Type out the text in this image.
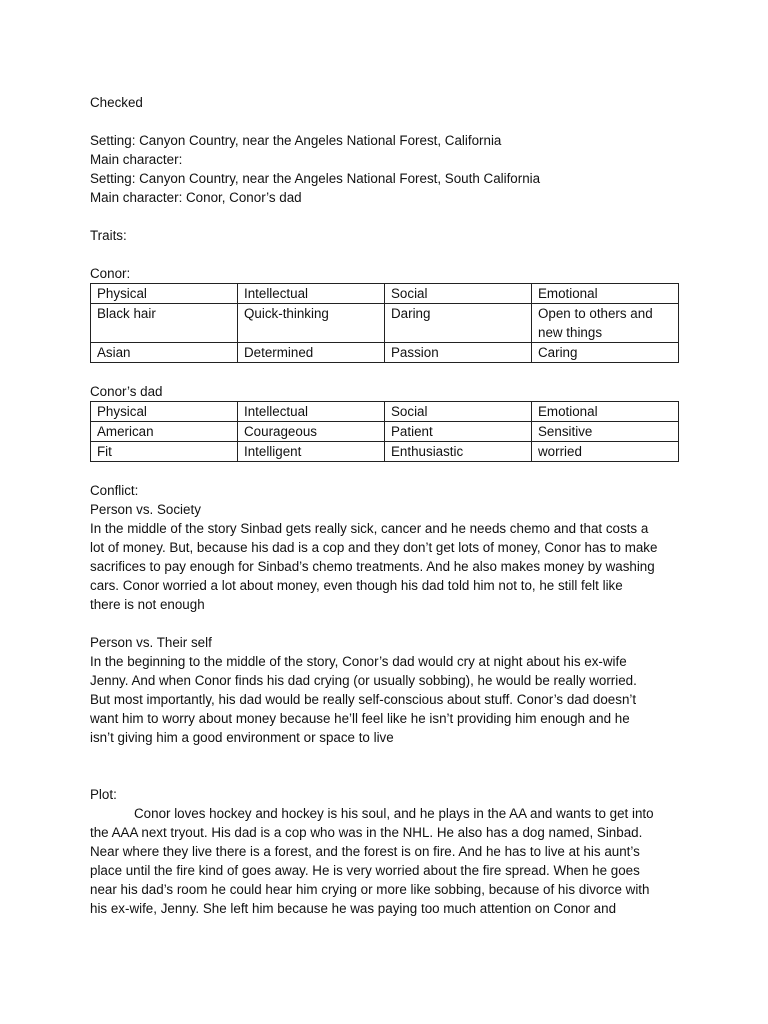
Checked

Setting: Canyon Country, near the Angeles National Forest, California

Main character:

Setting: Canyon Country, near the Angeles National Forest, South California

Main character: Conor, Conor’s dad

Traits:

Conor:

Physical	Intellectual	Social	Emotional
Black hair	Quick-thinking	Daring	Open to others and new things
Asian	Determined	Passion	Caring

Conor’s dad

Physical	Intellectual	Social	Emotional
American	Courageous	Patient	Sensitive
Fit	Intelligent	Enthusiastic	worried

Conflict:

Person vs. Society

In the middle of the story Sinbad gets really sick, cancer and he needs chemo and that costs a
lot of money. But, because his dad is a cop and they don’t get lots of money, Conor has to make
sacrifices to pay enough for Sinbad’s chemo treatments. And he also makes money by washing
cars. Conor worried a lot about money, even though his dad told him not to, he still felt like
there is not enough

Person vs. Their self

In the beginning to the middle of the story, Conor’s dad would cry at night about his ex-wife
Jenny. And when Conor finds his dad crying (or usually sobbing), he would be really worried.
But most importantly, his dad would be really self-conscious about stuff. Conor’s dad doesn’t
want him to worry about money because he’ll feel like he isn’t providing him enough and he
isn’t giving him a good environment or space to live

Plot:

Conor loves hockey and hockey is his soul, and he plays in the AA and wants to get into
the AAA next tryout. His dad is a cop who was in the NHL. He also has a dog named, Sinbad.
Near where they live there is a forest, and the forest is on fire. And he has to live at his aunt’s
place until the fire kind of goes away. He is very worried about the fire spread. When he goes
near his dad’s room he could hear him crying or more like sobbing, because of his divorce with
his ex-wife, Jenny. She left him because he was paying too much attention on Conor and
